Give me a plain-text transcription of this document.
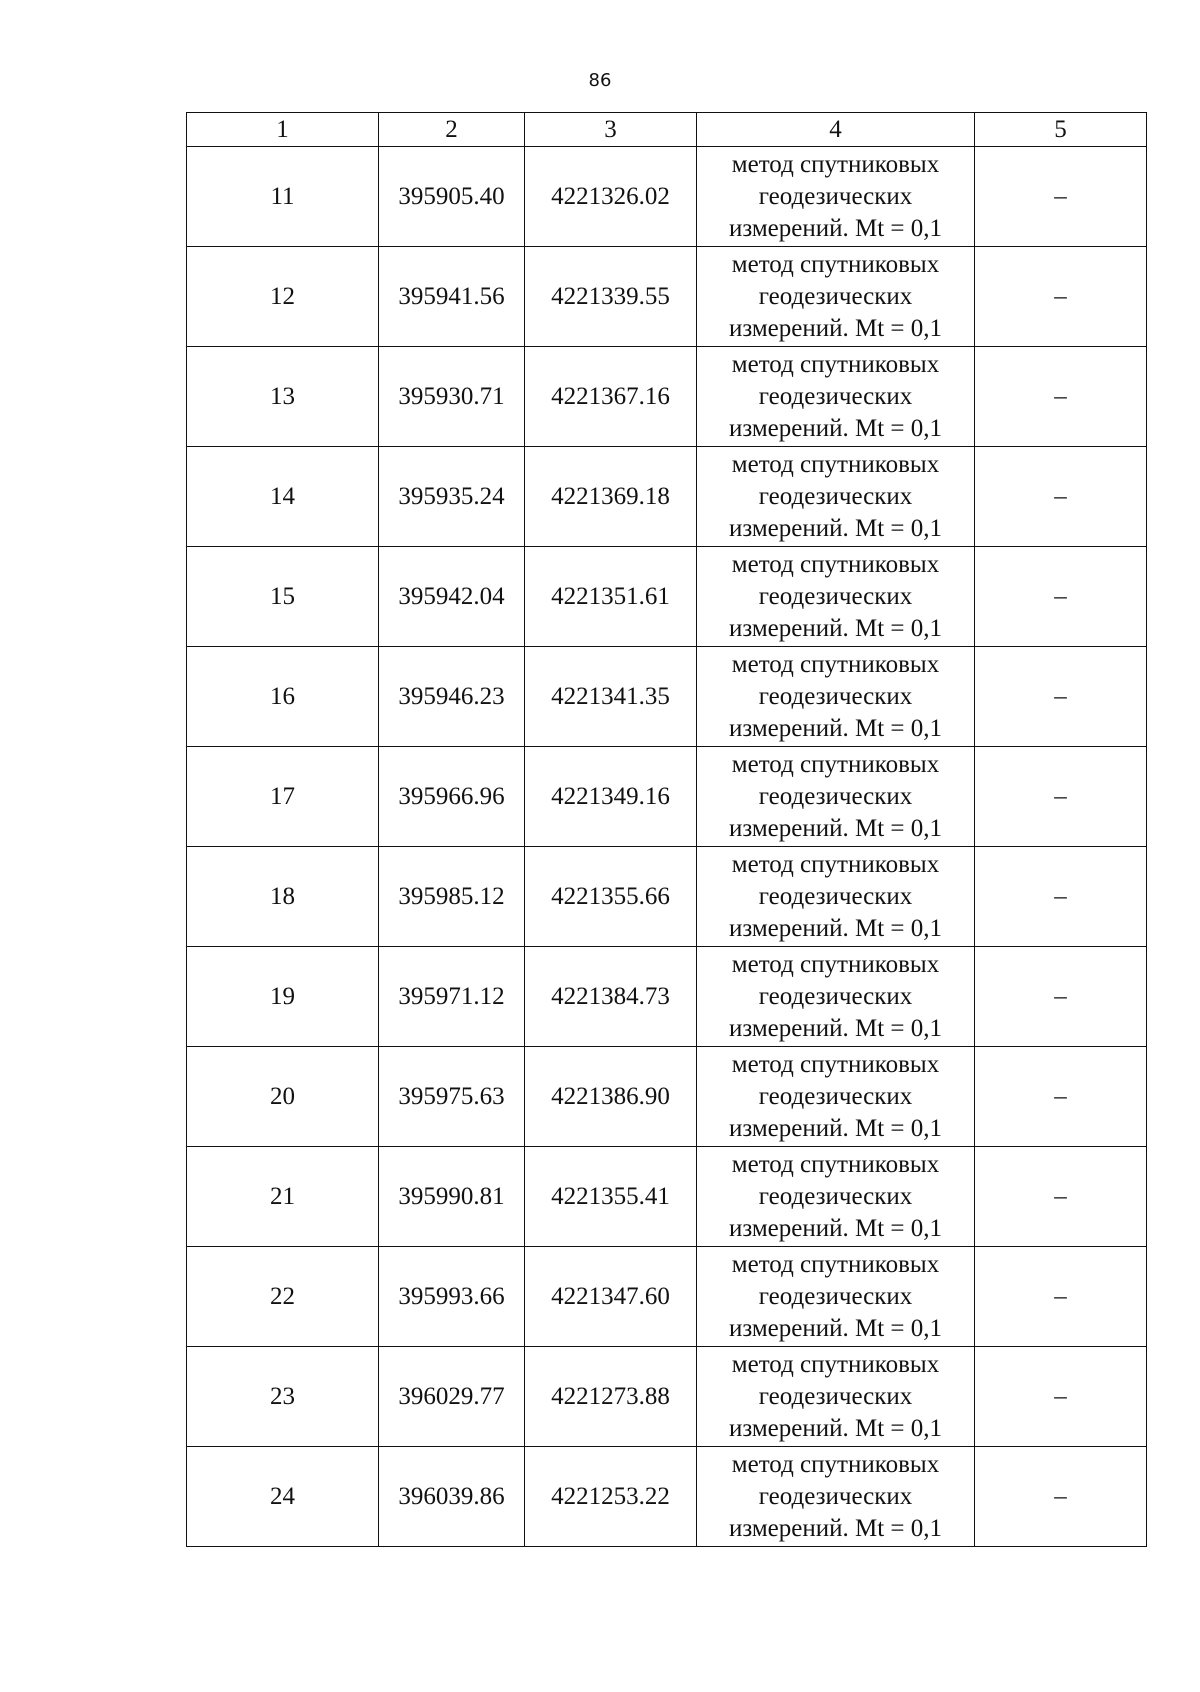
86
1	2	3	4	5
11	395905.40	4221326.02	метод спутниковых
геодезических
измерений. Mt = 0,1	–
12	395941.56	4221339.55	метод спутниковых
геодезических
измерений. Mt = 0,1	–
13	395930.71	4221367.16	метод спутниковых
геодезических
измерений. Mt = 0,1	–
14	395935.24	4221369.18	метод спутниковых
геодезических
измерений. Mt = 0,1	–
15	395942.04	4221351.61	метод спутниковых
геодезических
измерений. Mt = 0,1	–
16	395946.23	4221341.35	метод спутниковых
геодезических
измерений. Mt = 0,1	–
17	395966.96	4221349.16	метод спутниковых
геодезических
измерений. Mt = 0,1	–
18	395985.12	4221355.66	метод спутниковых
геодезических
измерений. Mt = 0,1	–
19	395971.12	4221384.73	метод спутниковых
геодезических
измерений. Mt = 0,1	–
20	395975.63	4221386.90	метод спутниковых
геодезических
измерений. Mt = 0,1	–
21	395990.81	4221355.41	метод спутниковых
геодезических
измерений. Mt = 0,1	–
22	395993.66	4221347.60	метод спутниковых
геодезических
измерений. Mt = 0,1	–
23	396029.77	4221273.88	метод спутниковых
геодезических
измерений. Mt = 0,1	–
24	396039.86	4221253.22	метод спутниковых
геодезических
измерений. Mt = 0,1	–
